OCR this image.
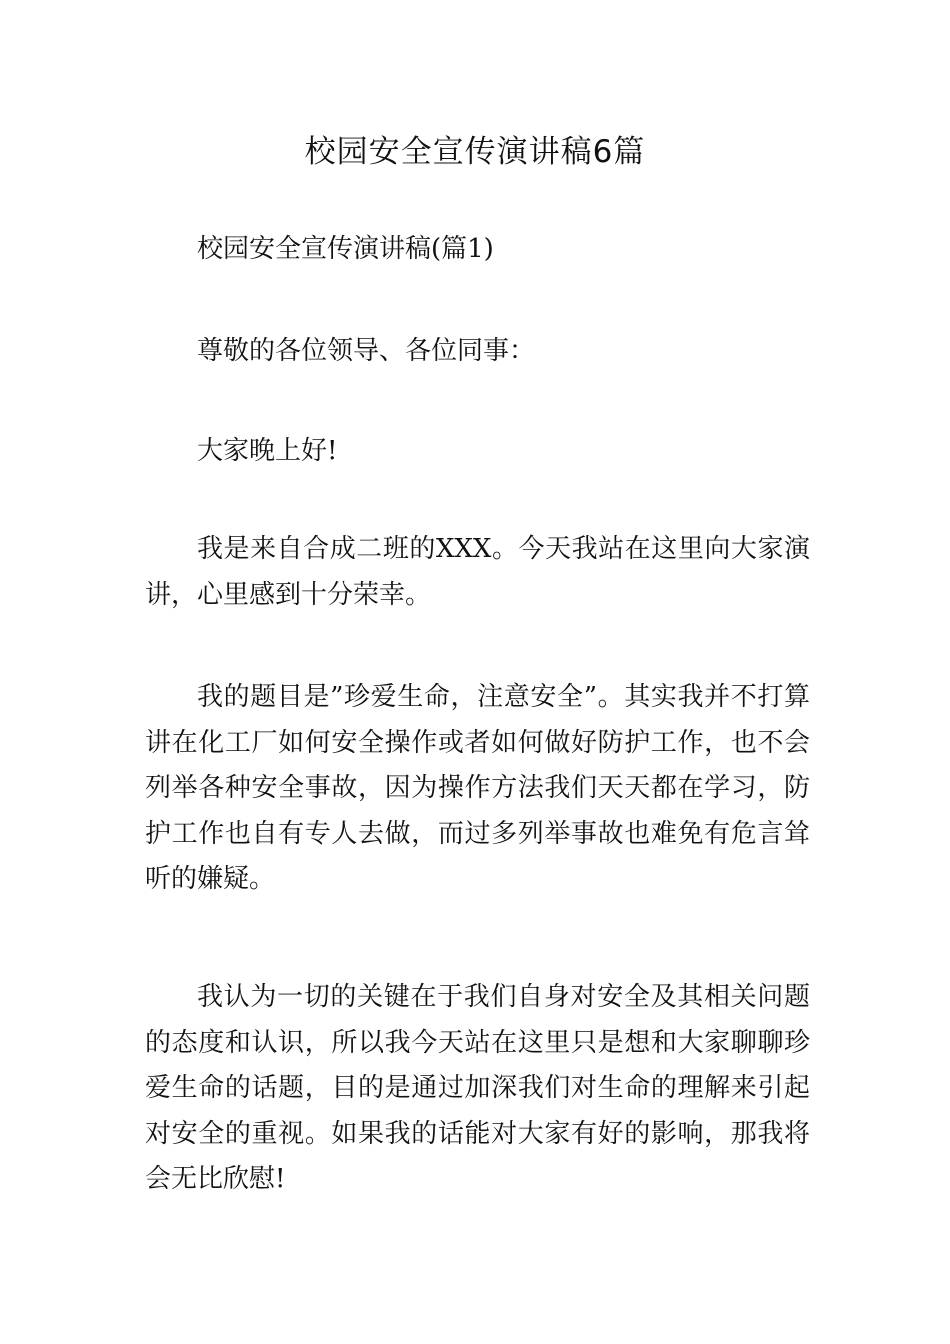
校园安全宣传演讲稿6篇

校园安全宣传演讲稿(篇1)

尊敬的各位领导、各位同事：

大家晚上好!

我是来自合成二班的XXX。今天我站在这里向大家演讲，心里感到十分荣幸。

我的题目是”珍爱生命，注意安全”。其实我并不打算讲在化工厂如何安全操作或者如何做好防护工作，也不会列举各种安全事故，因为操作方法我们天天都在学习，防护工作也自有专人去做，而过多列举事故也难免有危言耸听的嫌疑。

我认为一切的关键在于我们自身对安全及其相关问题的态度和认识，所以我今天站在这里只是想和大家聊聊珍爱生命的话题，目的是通过加深我们对生命的理解来引起对安全的重视。如果我的话能对大家有好的影响，那我将会无比欣慰!
